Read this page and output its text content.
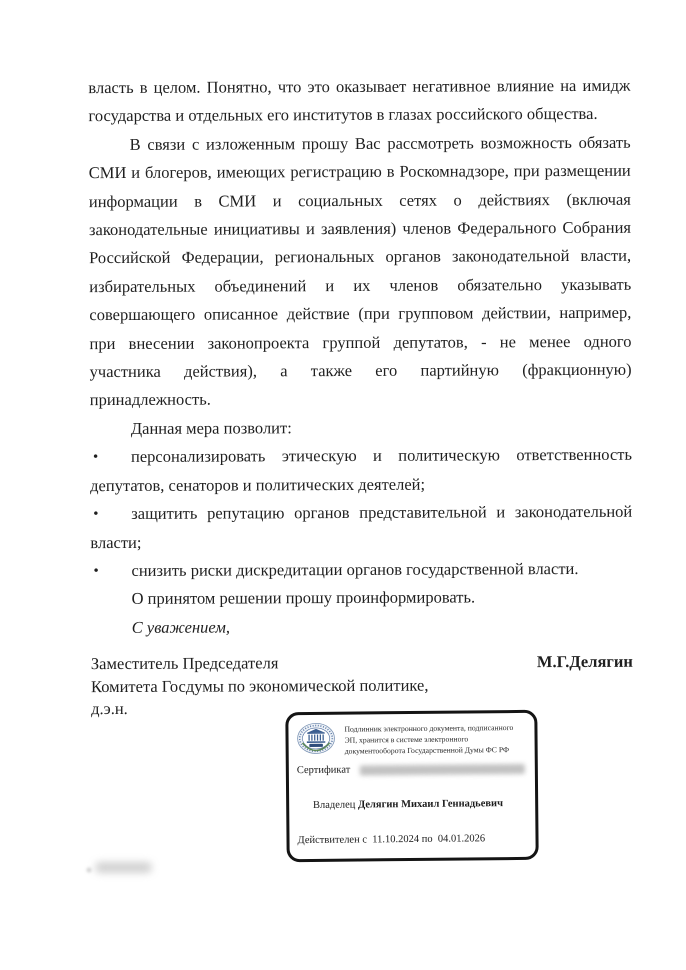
власть в целом. Понятно, что это оказывает негативное влияние на имидж государства и отдельных его институтов в глазах российского общества.

В связи с изложенным прошу Вас рассмотреть возможность обязать СМИ и блогеров, имеющих регистрацию в Роскомнадзоре, при размещении информации в СМИ и социальных сетях о действиях (включая законодательные инициативы и заявления) членов Федерального Собрания Российской Федерации, региональных органов законодательной власти, избирательных объединений и их членов обязательно указывать совершающего описанное действие (при групповом действии, например, при внесении законопроекта группой депутатов, - не менее одного участника действия), а также его партийную (фракционную) принадлежность.

Данная мера позволит:

• персонализировать этическую и политическую ответственность депутатов, сенаторов и политических деятелей;

• защитить репутацию органов представительной и законодательной власти;

• снизить риски дискредитации органов государственной власти.

О принятом решении прошу проинформировать.

С уважением,

Заместитель Председателя
Комитета Госдумы по экономической политике,
д.э.н.
М.Г.Делягин
Подлинник электронного документа, подписанного ЭП, хранится в системе электронного документооборота Государственной Думы ФС РФ
Сертификат

Владелец Делягин Михаил Геннадьевич

Действителен с  11.10.2024 по  04.01.2026
